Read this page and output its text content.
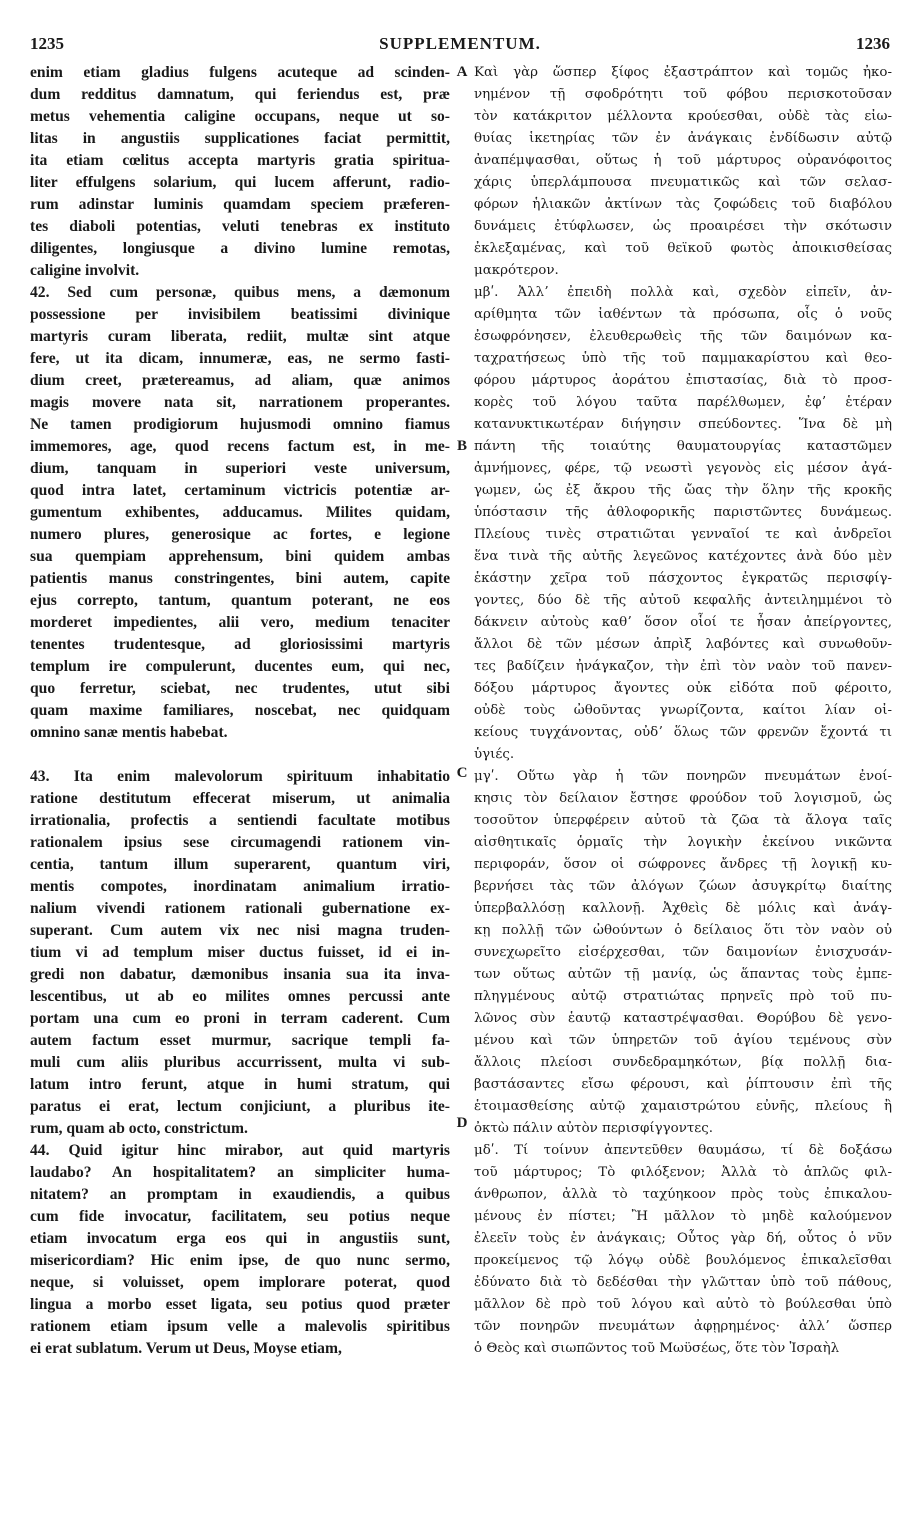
1235	SUPPLEMENTUM.	1236
enim etiam gladius fulgens acuteque ad scinden-
dum redditus damnatum, qui feriendus est, præ
metus vehementia caligine occupans, neque ut so-
litas in angustiis supplicationes faciat permittit,
ita etiam cœlitus accepta martyris gratia spiritua-
liter effulgens solarium, qui lucem afferunt, radio-
rum adinstar luminis quamdam speciem præferen-
tes diaboli potentias, veluti tenebras ex instituto
diligentes, longiusque a divino lumine remotas,
caligine involvit.
42. Sed cum personæ, quibus mens, a dæmonum
possessione per invisibilem beatissimi divinique
martyris curam liberata, rediit, multæ sint atque
fere, ut ita dicam, innumeræ, eas, ne sermo fasti-
dium creet, prætereamus, ad aliam, quæ animos
magis movere nata sit, narrationem properantes.
Ne tamen prodigiorum hujusmodi omnino fiamus
immemores, age, quod recens factum est, in me-
dium, tanquam in superiori veste universum,
quod intra latet, certaminum victricis potentiæ ar-
gumentum exhibentes, adducamus. Milites quidam,
numero plures, generosique ac fortes, e legione
sua quempiam apprehensum, bini quidem ambas
patientis manus constringentes, bini autem, capite
ejus correpto, tantum, quantum poterant, ne eos
morderet impedientes, alii vero, medium tenaciter
tenentes trudentesque, ad gloriosissimi martyris
templum ire compulerunt, ducentes eum, qui nec,
quo ferretur, sciebat, nec trudentes, utut sibi
quam maxime familiares, noscebat, nec quidquam
omnino sanæ mentis habebat.
43. Ita enim malevolorum spirituum inhabitatio
ratione destitutum effecerat miserum, ut animalia
irrationalia, profectis a sentiendi facultate motibus
rationalem ipsius sese circumagendi rationem vin-
centia, tantum illum superarent, quantum viri,
mentis compotes, inordinatam animalium irratio-
nalium vivendi rationem rationali gubernatione ex-
superant. Cum autem vix nec nisi magna truden-
tium vi ad templum miser ductus fuisset, id ei in-
gredi non dabatur, dæmonibus insania sua ita inva-
lescentibus, ut ab eo milites omnes percussi ante
portam una cum eo proni in terram caderent. Cum
autem factum esset murmur, sacrique templi fa-
muli cum aliis pluribus accurrissent, multa vi sub-
latum intro ferunt, atque in humi stratum, qui
paratus ei erat, lectum conjiciunt, a pluribus ite-
rum, quam ab octo, constrictum.
44. Quid igitur hinc mirabor, aut quid martyris
laudabo? An hospitalitatem? an simpliciter huma-
nitatem? an promptam in exaudiendis, a quibus
cum fide invocatur, facilitatem, seu potius neque
etiam invocatum erga eos qui in angustiis sunt,
misericordiam? Hic enim ipse, de quo nunc sermo,
neque, si voluisset, opem implorare poterat, quod
lingua a morbo esset ligata, seu potius quod præter
rationem etiam ipsum velle a malevolis spiritibus
ei erat sublatum. Verum ut Deus, Moyse etiam,
Καὶ γὰρ ὥσπερ ξίφος ἐξαστράπτον καὶ τομῶς ἠκο-
νημένον τῇ σφοδρότητι τοῦ φόβου περισκοτοῦσαν
τὸν κατάκριτον μέλλοντα κρούεσθαι, οὐδὲ τὰς εἰω-
θυίας ἱκετηρίας τῶν ἐν ἀνάγκαις ἐνδίδωσιν αὐτῷ
ἀναπέμψασθαι, οὕτως ἡ τοῦ μάρτυρος οὐρανόφοιτος
χάρις ὑπερλάμπουσα πνευματικῶς καὶ τῶν σελασ-
φόρων ἡλιακῶν ἀκτίνων τὰς ζοφώδεις τοῦ διαβόλου
δυνάμεις ἐτύφλωσεν, ὡς προαιρέσει τὴν σκότωσιν
ἐκλεξαμένας, καὶ τοῦ θεϊκοῦ φωτὸς ἀποικισθείσας
μακρότερον.
μβʹ. Ἀλλʼ ἐπειδὴ πολλὰ καὶ, σχεδὸν εἰπεῖν, ἀν-
αρίθμητα τῶν ἰαθέντων τὰ πρόσωπα, οἷς ὁ νοῦς
ἐσωφρόνησεν, ἐλευθερωθεὶς τῆς τῶν δαιμόνων κα-
ταχρατήσεως ὑπὸ τῆς τοῦ παμμακαρίστου καὶ θεο-
φόρου μάρτυρος ἀοράτου ἐπιστασίας, διὰ τὸ προσ-
κορὲς τοῦ λόγου ταῦτα παρέλθωμεν, ἐφʼ ἑτέραν
κατανυκτικωτέραν διήγησιν σπεύδοντες. Ἵνα δὲ μὴ
πάντη τῆς τοιαύτης θαυματουργίας καταστῶμεν
ἀμνήμονες, φέρε, τῷ νεωστὶ γεγονὸς εἰς μέσον ἀγά-
γωμεν, ὡς ἐξ ἄκρου τῆς ὤας τὴν ὅλην τῆς κροκῆς
ὑπόστασιν τῆς ἀθλοφορικῆς παριστῶντες δυνάμεως.
Πλείους τινὲς στρατιῶται γενναῖοί τε καὶ ἀνδρεῖοι
ἕνα τινὰ τῆς αὐτῆς λεγεῶνος κατέχοντες ἀνὰ δύο μὲν
ἑκάστην χεῖρα τοῦ πάσχοντος ἐγκρατῶς περισφίγ-
γοντες, δύο δὲ τῆς αὐτοῦ κεφαλῆς ἀντειλημμένοι τὸ
δάκνειν αὐτοὺς καθʼ ὅσον οἷοί τε ἦσαν ἀπείργοντες,
ἄλλοι δὲ τῶν μέσων ἀπρὶξ λαβόντες καὶ συνωθοῦν-
τες βαδίζειν ἠνάγκαζον, τὴν ἐπὶ τὸν ναὸν τοῦ πανεν-
δόξου μάρτυρος ἄγοντες οὐκ εἰδότα ποῦ φέροιτο,
οὐδὲ τοὺς ὠθοῦντας γνωρίζοντα, καίτοι λίαν οἰ-
κείους τυγχάνοντας, οὐδʼ ὅλως τῶν φρενῶν ἔχοντά τι
ὑγιές.
μγʹ. Οὕτω γὰρ ἡ τῶν πονηρῶν πνευμάτων ἐνοί-
κησις τὸν δείλαιον ἔστησε φρούδον τοῦ λογισμοῦ, ὡς
τοσοῦτον ὑπερφέρειν αὐτοῦ τὰ ζῶα τὰ ἄλογα ταῖς
αἰσθητικαῖς ὁρμαῖς τὴν λογικὴν ἐκείνου νικῶντα
περιφοράν, ὅσον οἱ σώφρονες ἄνδρες τῇ λογικῇ κυ-
βερνήσει τὰς τῶν ἀλόγων ζώων ἀσυγκρίτῳ διαίτης
ὑπερβαλλόσῃ καλλονῇ. Ἀχθεὶς δὲ μόλις καὶ ἀνάγ-
κῃ πολλῇ τῶν ὠθούντων ὁ δείλαιος ὅτι τὸν ναὸν οὐ
συνεχωρεῖτο εἰσέρχεσθαι, τῶν δαιμονίων ἐνισχυσάν-
των οὕτως αὐτῶν τῇ μανίᾳ, ὡς ἅπαντας τοὺς ἐμπε-
πληγμένους αὐτῷ στρατιώτας πρηνεῖς πρὸ τοῦ πυ-
λῶνος σὺν ἑαυτῷ καταστρέψασθαι. Θορύβου δὲ γενο-
μένου καὶ τῶν ὑπηρετῶν τοῦ ἁγίου τεμένους σὺν
ἄλλοις πλείοσι συνδεδραμηκότων, βίᾳ πολλῇ δια-
βαστάσαντες εἴσω φέρουσι, καὶ ῥίπτουσιν ἐπὶ τῆς
ἑτοιμασθείσης αὐτῷ χαμαιστρώτου εὐνῆς, πλείους ἢ
ὀκτὼ πάλιν αὐτὸν περισφίγγοντες.
μδʹ. Τί τοίνυν ἀπεντεῦθεν θαυμάσω, τί δὲ δοξάσω
τοῦ μάρτυρος; Τὸ φιλόξενον; Ἀλλὰ τὸ ἁπλῶς φιλ-
άνθρωπον, ἀλλὰ τὸ ταχύηκοον πρὸς τοὺς ἐπικαλου-
μένους ἐν πίστει; Ἢ μᾶλλον τὸ μηδὲ καλούμενον
ἐλεεῖν τοὺς ἐν ἀνάγκαις; Οὗτος γὰρ δή, οὗτος ὁ νῦν
προκείμενος τῷ λόγῳ οὐδὲ βουλόμενος ἐπικαλεῖσθαι
ἐδύνατο διὰ τὸ δεδέσθαι τὴν γλῶτταν ὑπὸ τοῦ πάθους,
μᾶλλον δὲ πρὸ τοῦ λόγου καὶ αὐτὸ τὸ βούλεσθαι ὑπὸ
τῶν πονηρῶν πνευμάτων ἀφῃρημένος· ἀλλʼ ὥσπερ
ὁ Θεὸς καὶ σιωπῶντος τοῦ Μωϋσέως, ὅτε τὸν Ἰσραὴλ
A
B
C
D
